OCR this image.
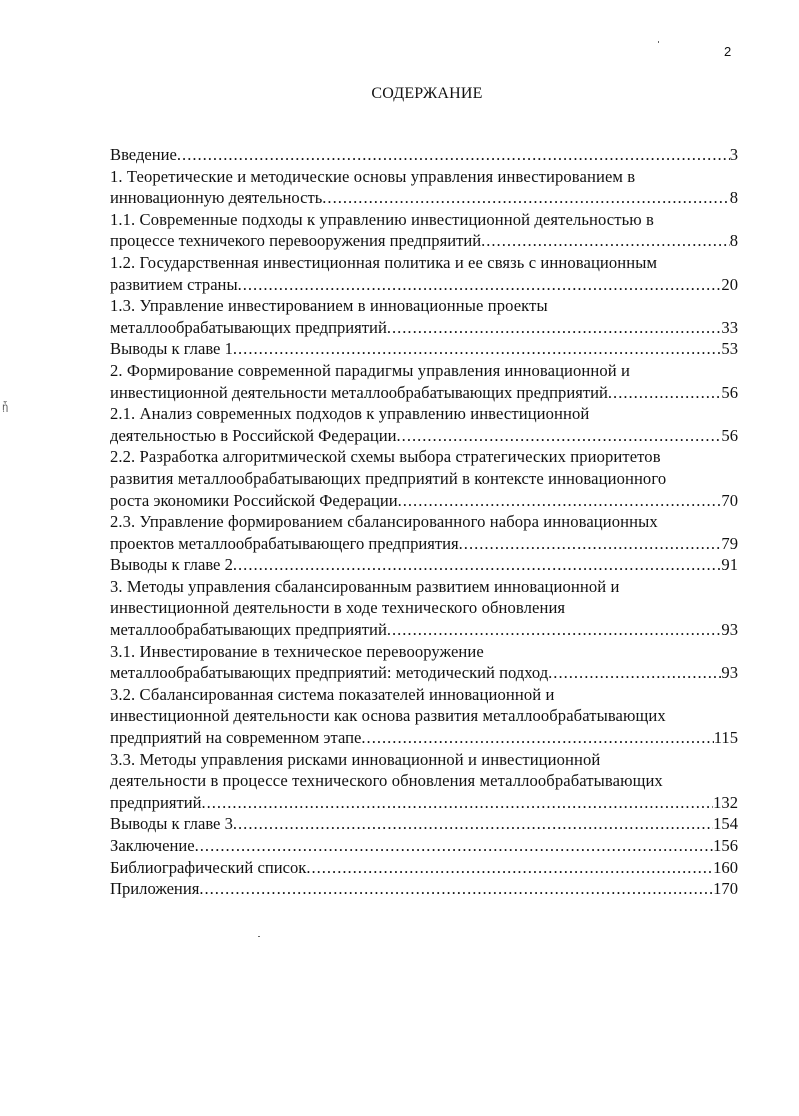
2
СОДЕРЖАНИЕ
ᾗ
Введение .....	3
1. Теоретические и методические основы управления инвестированием в
инновационную деятельность .....	8
1.1. Современные подходы к управлению инвестиционной деятельностью в
процессе техничекого перевооружения предпряитий .....	8
1.2. Государственная инвестиционная политика и ее связь с инновационным
развитием страны .....	20
1.3. Управление инвестированием в инновационные проекты
металлообрабатывающих предприятий .....	33
Выводы к главе 1 .....	53
2. Формирование современной парадигмы управления инновационной и
инвестиционной деятельности металлообрабатывающих предприятий .....	56
2.1. Анализ современных подходов к управлению инвестиционной
деятельностью в Российской Федерации .....	56
2.2. Разработка алгоритмической схемы выбора стратегических приоритетов
развития металлообрабатывающих предприятий в контексте инновационного
роста экономики Российской Федерации .....	70
2.3. Управление формированием сбалансированного набора инновационных
проектов металлообрабатывающего предприятия .....	79
Выводы к главе 2 .....	91
3. Методы управления сбалансированным развитием инновационной и
инвестиционной деятельности в ходе технического обновления
металлообрабатывающих предприятий .....	93
3.1. Инвестирование в техническое перевооружение
металлообрабатывающих предприятий: методический подход .....	93
3.2. Сбалансированная система показателей инновационной и
инвестиционной деятельности как основа развития металлообрабатывающих
предприятий на современном этапе .....	115
3.3. Методы управления рисками инновационной и инвестиционной
деятельности в процессе технического обновления металлообрабатывающих
предприятий .....	132
Выводы к главе 3 .....	154
Заключение .....	156
Библиографический список .....	160
Приложения .....	170
